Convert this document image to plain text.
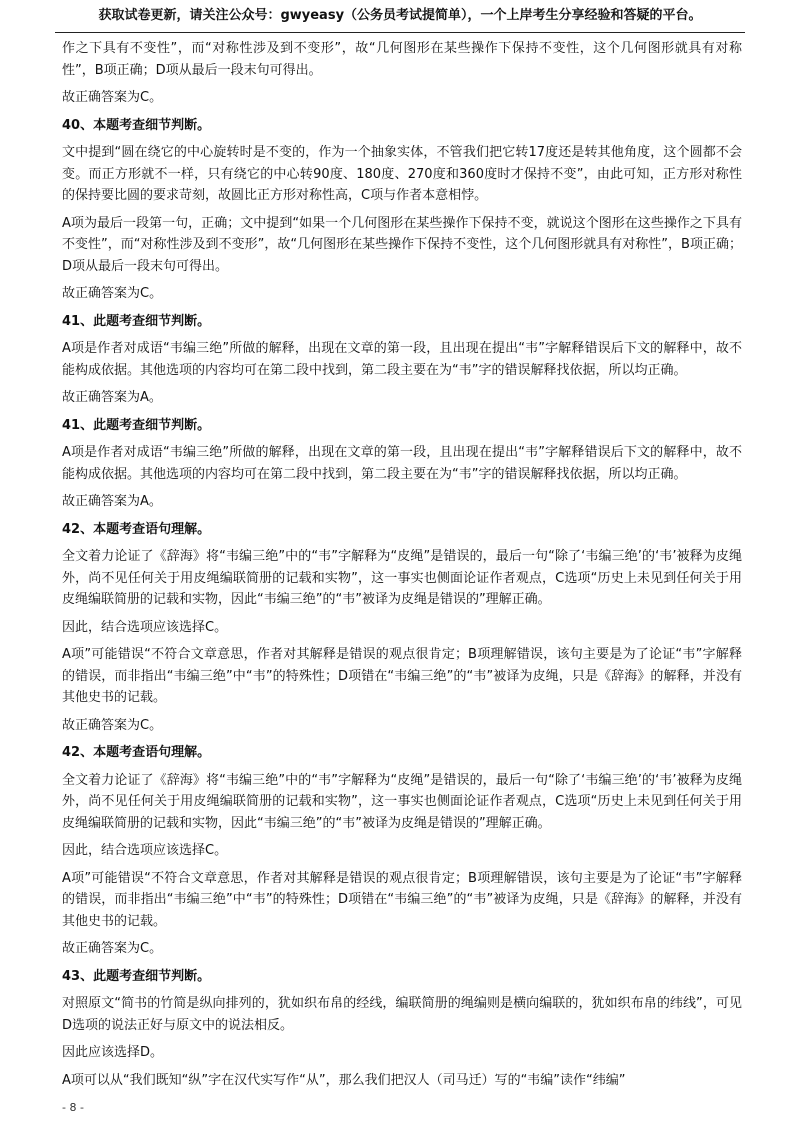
获取试卷更新，请关注公众号：gwyeasy（公务员考试提简单），一个上岸考生分享经验和答疑的平台。

作之下具有不变性”，而“对称性涉及到不变形”，故“几何图形在某些操作下保持不变性，这个几何图形就具有对称性”，B项正确；D项从最后一段末句可得出。

故正确答案为C。

40、本题考查细节判断。

文中提到“圆在绕它的中心旋转时是不变的，作为一个抽象实体，不管我们把它转17度还是转其他角度，这个圆都不会变。而正方形就不一样，只有绕它的中心转90度、180度、270度和360度时才保持不变”，由此可知，正方形对称性的保持要比圆的要求苛刻，故圆比正方形对称性高，C项与作者本意相悖。

A项为最后一段第一句，正确；文中提到“如果一个几何图形在某些操作下保持不变，就说这个图形在这些操作之下具有不变性”，而“对称性涉及到不变形”，故“几何图形在某些操作下保持不变性，这个几何图形就具有对称性”，B项正确；D项从最后一段末句可得出。

故正确答案为C。

41、此题考查细节判断。

A项是作者对成语“韦编三绝”所做的解释，出现在文章的第一段，且出现在提出“韦”字解释错误后下文的解释中，故不能构成依据。其他选项的内容均可在第二段中找到，第二段主要在为“韦”字的错误解释找依据，所以均正确。

故正确答案为A。

41、此题考查细节判断。

A项是作者对成语“韦编三绝”所做的解释，出现在文章的第一段，且出现在提出“韦”字解释错误后下文的解释中，故不能构成依据。其他选项的内容均可在第二段中找到，第二段主要在为“韦”字的错误解释找依据，所以均正确。

故正确答案为A。

42、本题考查语句理解。

全文着力论证了《辞海》将“韦编三绝”中的“韦”字解释为“皮绳”是错误的，最后一句“除了‘韦编三绝’的‘韦’被释为皮绳外，尚不见任何关于用皮绳编联简册的记载和实物”，这一事实也侧面论证作者观点，C选项“历史上未见到任何关于用皮绳编联简册的记载和实物，因此“韦编三绝”的“韦”被译为皮绳是错误的”理解正确。

因此，结合选项应该选择C。

A项”可能错误“不符合文章意思，作者对其解释是错误的观点很肯定；B项理解错误，该句主要是为了论证“韦”字解释的错误，而非指出“韦编三绝”中“韦”的特殊性；D项错在“韦编三绝”的“韦”被译为皮绳，只是《辞海》的解释，并没有其他史书的记载。

故正确答案为C。

42、本题考查语句理解。

全文着力论证了《辞海》将“韦编三绝”中的“韦”字解释为“皮绳”是错误的，最后一句“除了‘韦编三绝’的‘韦’被释为皮绳外，尚不见任何关于用皮绳编联简册的记载和实物”，这一事实也侧面论证作者观点，C选项“历史上未见到任何关于用皮绳编联简册的记载和实物，因此“韦编三绝”的“韦”被译为皮绳是错误的”理解正确。

因此，结合选项应该选择C。

A项”可能错误“不符合文章意思，作者对其解释是错误的观点很肯定；B项理解错误，该句主要是为了论证“韦”字解释的错误，而非指出“韦编三绝”中“韦”的特殊性；D项错在“韦编三绝”的“韦”被译为皮绳，只是《辞海》的解释，并没有其他史书的记载。

故正确答案为C。

43、此题考查细节判断。

对照原文“简书的竹简是纵向排列的，犹如织布帛的经线，编联简册的绳编则是横向编联的，犹如织布帛的纬线”，可见D选项的说法正好与原文中的说法相反。

因此应该选择D。

A项可以从“我们既知“纵”字在汉代实写作“从”，那么我们把汉人（司马迁）写的“韦编”读作“纬编”

- 8 -
